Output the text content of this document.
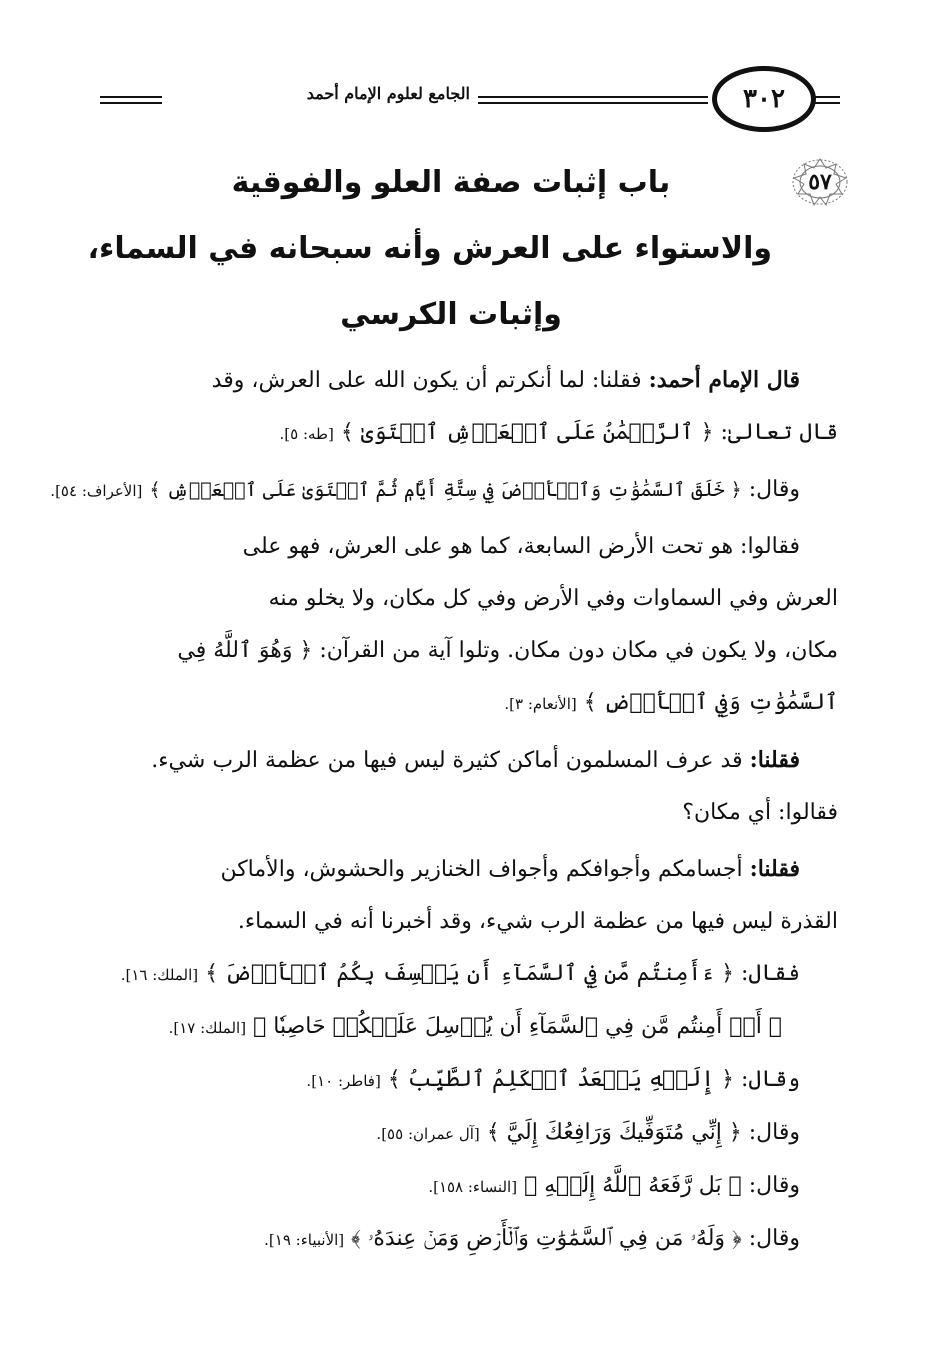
٣٠٢
الجامع لعلوم الإمام أحمد
٥٧
باب إثبات صفة العلو والفوقية
والاستواء على العرش وأنه سبحانه في السماء،
وإثبات الكرسي
قال الإمام أحمد: فقلنا: لما أنكرتم أن يكون الله على العرش، وقد
قال تعالىٰ: ﴿ ٱلرَّحۡمَٰنُ عَلَى ٱلۡعَرۡشِ ٱسۡتَوَىٰ ﴾ [طه: ٥].
وقال: ﴿ خَلَقَ ٱلسَّمَٰوَٰتِ وَٱلۡأَرۡضَ فِي سِتَّةِ أَيَّامٖ ثُمَّ ٱسۡتَوَىٰ عَلَى ٱلۡعَرۡشِ ﴾ [الأعراف: ٥٤].
فقالوا: هو تحت الأرض السابعة، كما هو على العرش، فهو على
العرش وفي السماوات وفي الأرض وفي كل مكان، ولا يخلو منه
مكان، ولا يكون في مكان دون مكان. وتلوا آية من القرآن: ﴿ وَهُوَ ٱللَّهُ فِي
ٱلسَّمَٰوَٰتِ وَفِي ٱلۡأَرۡضِ ﴾ [الأنعام: ٣].
فقلنا: قد عرف المسلمون أماكن كثيرة ليس فيها من عظمة الرب شيء.
فقالوا: أي مكان؟
فقلنا: أجسامكم وأجوافكم وأجواف الخنازير والحشوش، والأماكن
القذرة ليس فيها من عظمة الرب شيء، وقد أخبرنا أنه في السماء.
فقال: ﴿ ءَأَمِنتُم مَّن فِي ٱلسَّمَآءِ أَن يَخۡسِفَ بِكُمُ ٱلۡأَرۡضَ ﴾ [الملك: ١٦].
﴿ أَمۡ أَمِنتُم مَّن فِي ٱلسَّمَآءِ أَن يُرۡسِلَ عَلَيۡكُمۡ حَاصِبٗا ﴾ [الملك: ١٧].
وقال: ﴿ إِلَيۡهِ يَصۡعَدُ ٱلۡكَلِمُ ٱلطَّيِّبُ ﴾ [فاطر: ١٠].
وقال: ﴿ إِنِّي مُتَوَفِّيكَ وَرَافِعُكَ إِلَيَّ ﴾ [آل عمران: ٥٥].
وقال: ﴿ بَل رَّفَعَهُ ٱللَّهُ إِلَيۡهِ ﴾ [النساء: ١٥٨].
وقال: ﴿ وَلَهُۥ مَن فِي ٱلسَّمَٰوَٰتِ وَٱلۡأَرۡضِ وَمَنۡ عِندَهُۥ ﴾ [الأنبياء: ١٩].
